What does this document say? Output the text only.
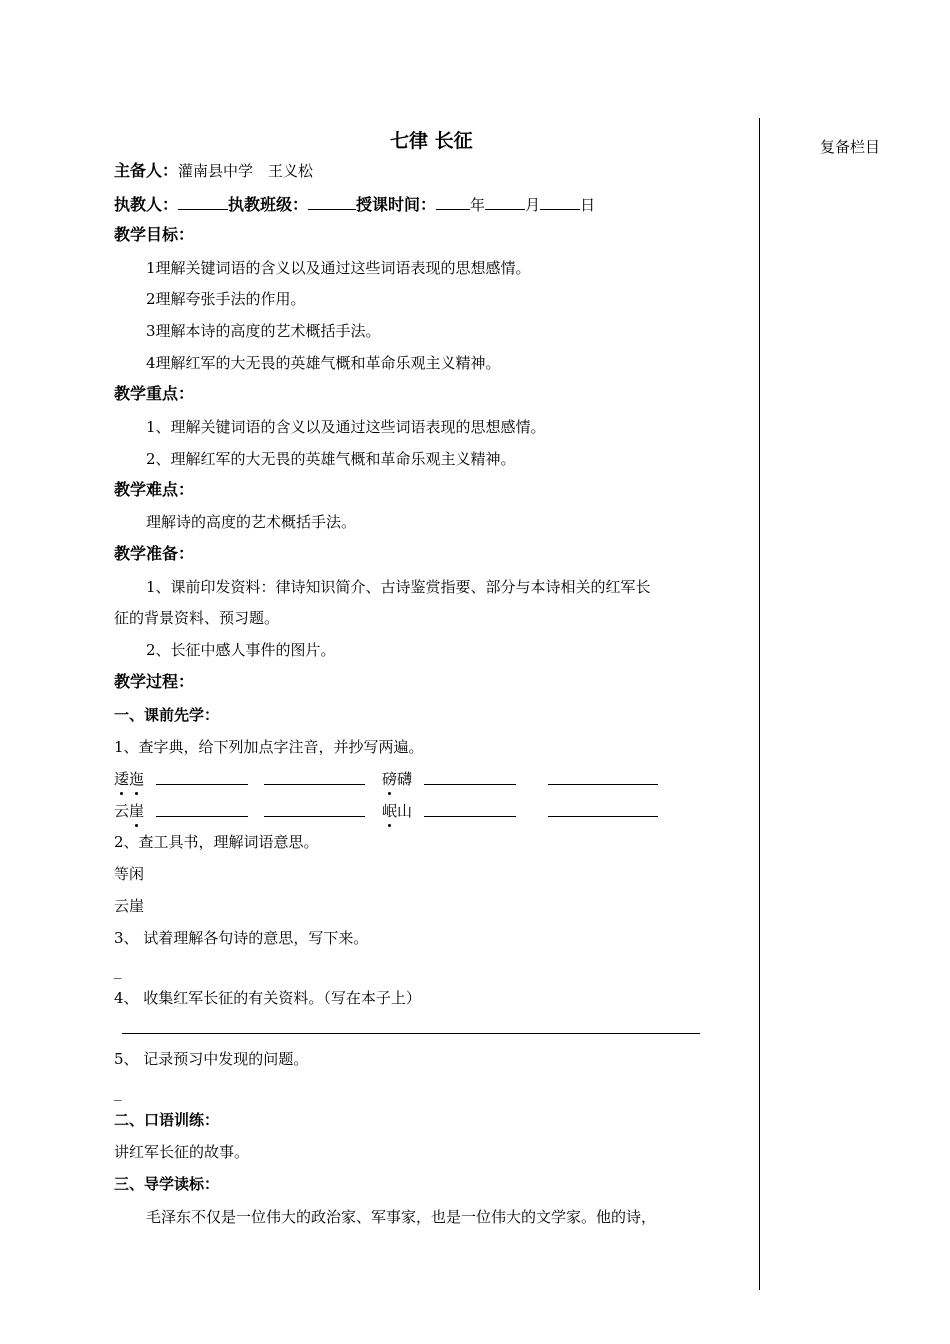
复备栏目
七律 长征
主备人：灌南县中学　王义松
执教人：	执教班级：	授课时间： 年	月	日
教学目标：
1理解关键词语的含义以及通过这些词语表现的思想感情。
2理解夸张手法的作用。
3理解本诗的高度的艺术概括手法。
4理解红军的大无畏的英雄气概和革命乐观主义精神。
教学重点：
1、理解关键词语的含义以及通过这些词语表现的思想感情。
2、理解红军的大无畏的英雄气概和革命乐观主义精神。
教学难点：
理解诗的高度的艺术概括手法。
教学准备：
1、课前印发资料：律诗知识简介、古诗鉴赏指要、部分与本诗相关的红军长
征的背景资料、预习题。
2、长征中感人事件的图片。
教学过程：
一、课前先学：
1、查字典，给下列加点字注音，并抄写两遍。
逶迤	磅礴
云崖	岷山
2、查工具书，理解词语意思。
等闲
云崖
3、 试着理解各句诗的意思，写下来。
_
4、 收集红军长征的有关资料。（写在本子上）
5、 记录预习中发现的问题。
_
二、口语训练：
讲红军长征的故事。
三、导学读标：
毛泽东不仅是一位伟大的政治家、军事家，也是一位伟大的文学家。他的诗，
